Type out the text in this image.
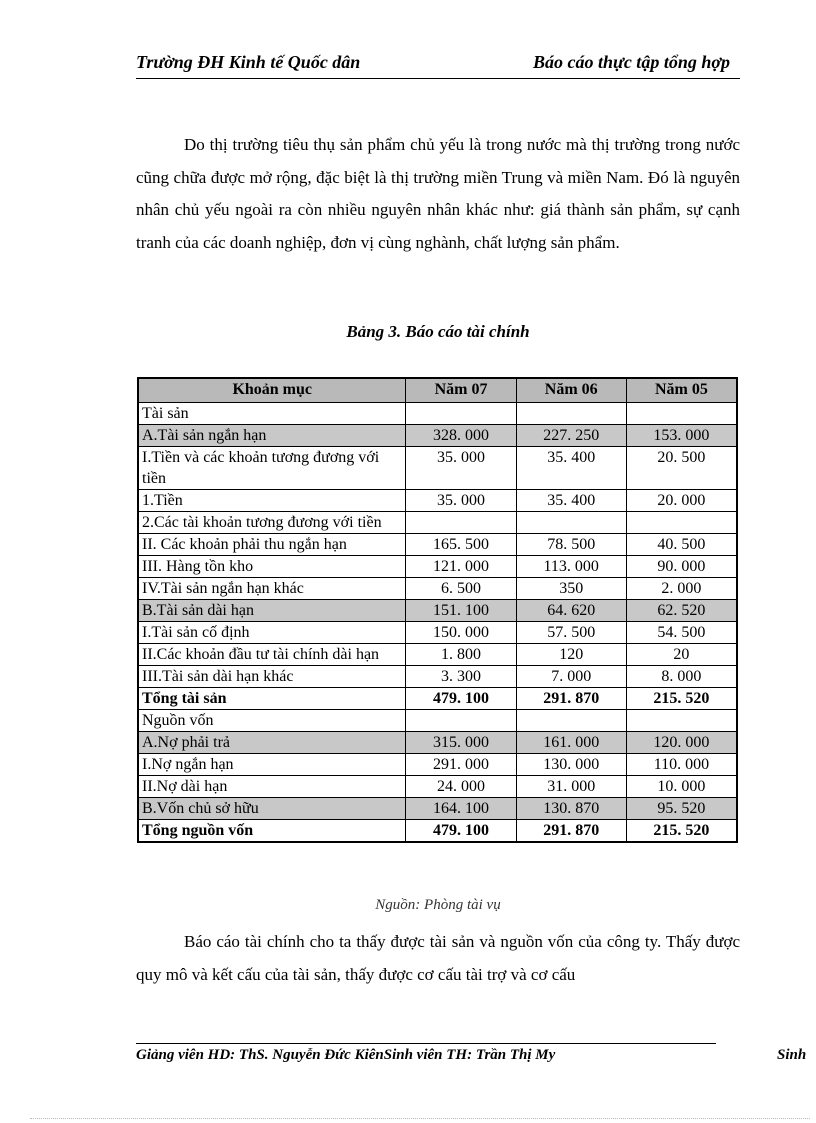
Trường ĐH Kinh tế Quốc dân	Báo cáo thực tập tổng hợp

Do thị trường tiêu thụ sản phẩm chủ yếu là trong nước mà thị trường trong nước cũng chữa được mở rộng, đặc biệt là thị trường miền Trung và miền Nam. Đó là nguyên nhân chủ yếu ngoài ra còn nhiều nguyên nhân khác như: giá thành sản phẩm, sự cạnh tranh của các doanh nghiệp, đơn vị cùng nghành, chất lượng sản phẩm.

Bảng 3. Báo cáo tài chính
Khoản mục	Năm 07	Năm 06	Năm 05
Tài sản			
A.Tài sản ngắn hạn	328. 000	227. 250	153. 000
I.Tiền và các khoản tương đương với tiền	35. 000	35. 400	20. 500
1.Tiền	35. 000	35. 400	20. 000
2.Các tài khoản tương đương với tiền			
II. Các khoản phải thu ngắn hạn	165. 500	78. 500	40. 500
III. Hàng tồn kho	121. 000	113. 000	90. 000
IV.Tài sản ngắn hạn khác	6. 500	350	2. 000
B.Tài sản dài hạn	151. 100	64. 620	62. 520
I.Tài sản cố định	150. 000	57. 500	54. 500
II.Các khoản đầu tư tài chính dài hạn	1. 800	120	20
III.Tài sản dài hạn khác	3. 300	7. 000	8. 000
Tổng tài sản	479. 100	291. 870	215. 520
Nguồn vốn			
A.Nợ phải trả	315. 000	161. 000	120. 000
I.Nợ ngắn hạn	291. 000	130. 000	110. 000
II.Nợ dài hạn	24. 000	31. 000	10. 000
B.Vốn chủ sở hữu	164. 100	130. 870	95. 520
Tổng nguồn vốn	479. 100	291. 870	215. 520
Nguồn: Phòng tài vụ

Báo cáo tài chính cho ta thấy được tài sản và nguồn vốn của công ty. Thấy được quy mô và kết cấu của tài sản, thấy được cơ cấu tài trợ và cơ cấu

Giảng viên HD: ThS. Nguyễn Đức KiênSinh viên TH: Trần Thị My	Sinh
